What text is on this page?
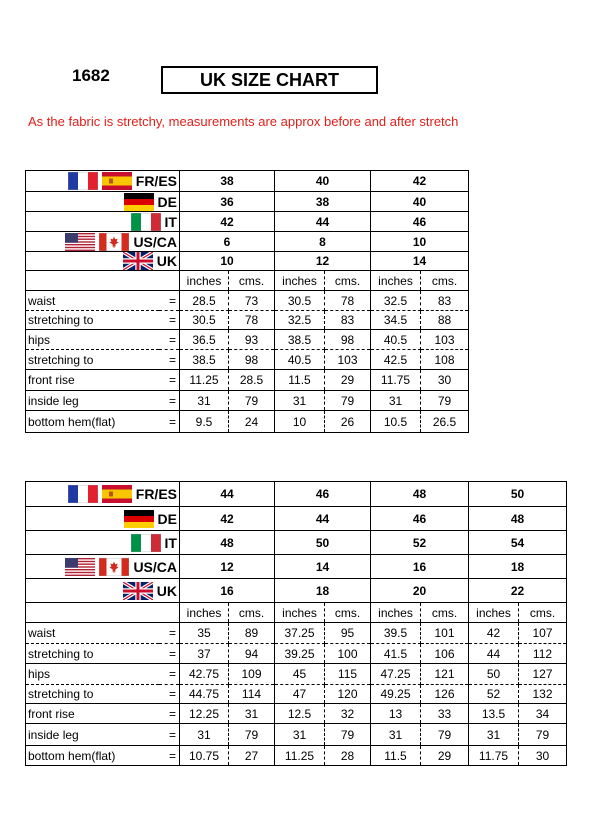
1682	UK SIZE CHART
As the fabric is stretchy, measurements are approx before and after stretch
FR/ES		38		40		42	

DE		36		38		40	

IT		42		44		46	

US/CA		6		8		10	

UK		10		12		14	
		inches	cms.	inches	cms.	inches	cms.
waist	=	28.5	73	30.5	78	32.5	83
stretching to	=	30.5	78	32.5	83	34.5	88
hips	=	36.5	93	38.5	98	40.5	103
stretching to	=	38.5	98	40.5	103	42.5	108
front rise	=	11.25	28.5	11.5	29	11.75	30
inside leg	=	31	79	31	79	31	79
bottom hem(flat)	=	9.5	24	10	26	10.5	26.5
FR/ES		44		46		48		50	

DE		42		44		46		48	

IT		48		50		52		54	

US/CA		12		14		16		18	

UK		16		18		20		22	
		inches	cms.	inches	cms.	inches	cms.	inches	cms.
waist	=	35	89	37.25	95	39.5	101	42	107
stretching to	=	37	94	39.25	100	41.5	106	44	112
hips	=	42.75	109	45	115	47.25	121	50	127
stretching to	=	44.75	114	47	120	49.25	126	52	132
front rise	=	12.25	31	12.5	32	13	33	13.5	34
inside leg	=	31	79	31	79	31	79	31	79
bottom hem(flat)	=	10.75	27	11.25	28	11.5	29	11.75	30
